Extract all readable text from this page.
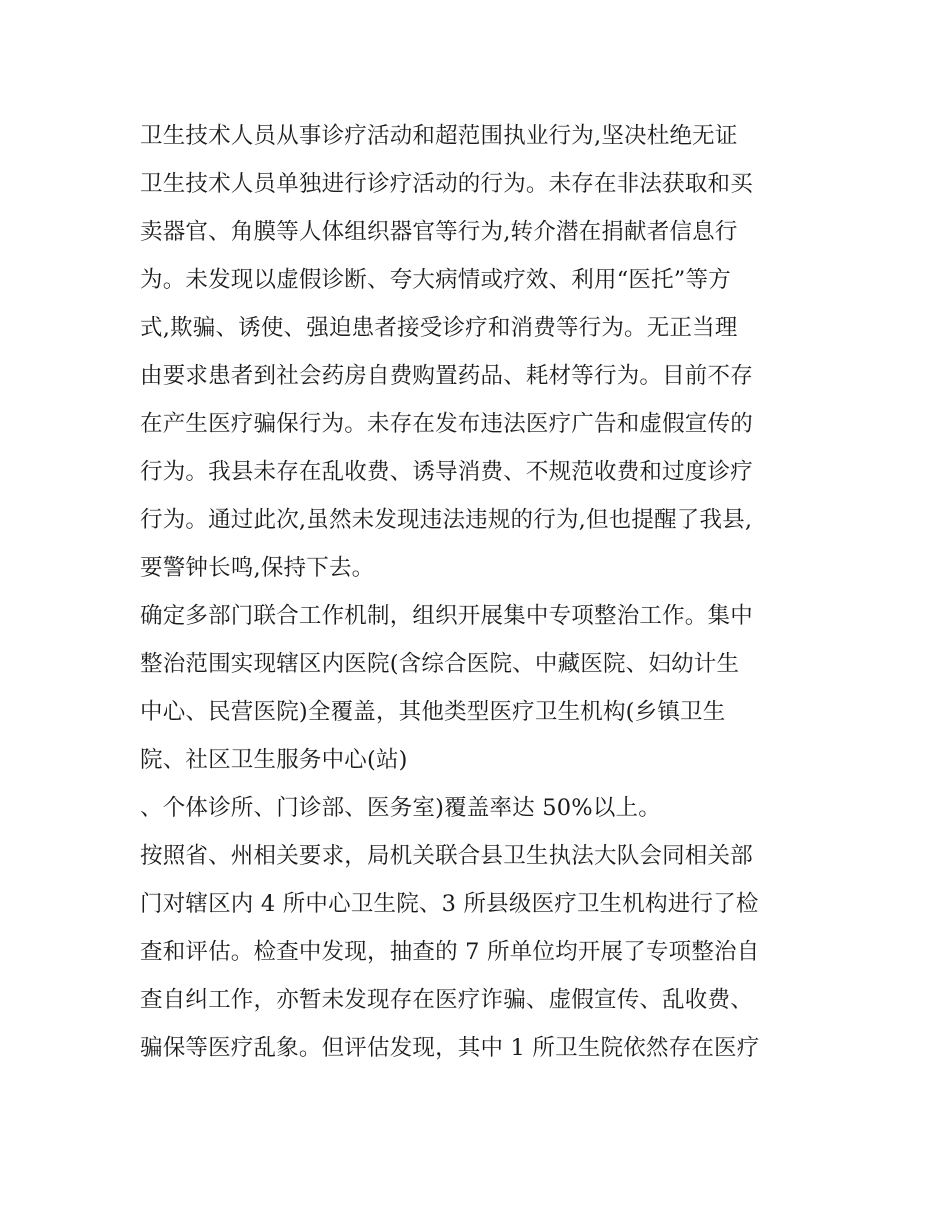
卫生技术人员从事诊疗活动和超范围执业行为,坚决杜绝无证
卫生技术人员单独进行诊疗活动的行为。未存在非法获取和买
卖器官、角膜等人体组织器官等行为,转介潜在捐献者信息行
为。未发现以虚假诊断、夸大病情或疗效、利用“医托”等方
式,欺骗、诱使、强迫患者接受诊疗和消费等行为。无正当理
由要求患者到社会药房自费购置药品、耗材等行为。目前不存
在产生医疗骗保行为。未存在发布违法医疗广告和虚假宣传的
行为。我县未存在乱收费、诱导消费、不规范收费和过度诊疗
行为。通过此次,虽然未发现违法违规的行为,但也提醒了我县,
要警钟长鸣,保持下去。
确定多部门联合工作机制，组织开展集中专项整治工作。集中
整治范围实现辖区内医院(含综合医院、中藏医院、妇幼计生
中心、民营医院)全覆盖，其他类型医疗卫生机构(乡镇卫生
院、社区卫生服务中心(站)
、个体诊所、门诊部、医务室)覆盖率达 50%以上。
按照省、州相关要求，局机关联合县卫生执法大队会同相关部
门对辖区内 4 所中心卫生院、3 所县级医疗卫生机构进行了检
查和评估。检查中发现，抽查的 7 所单位均开展了专项整治自
查自纠工作，亦暂未发现存在医疗诈骗、虚假宣传、乱收费、
骗保等医疗乱象。但评估发现，其中 1 所卫生院依然存在医疗
